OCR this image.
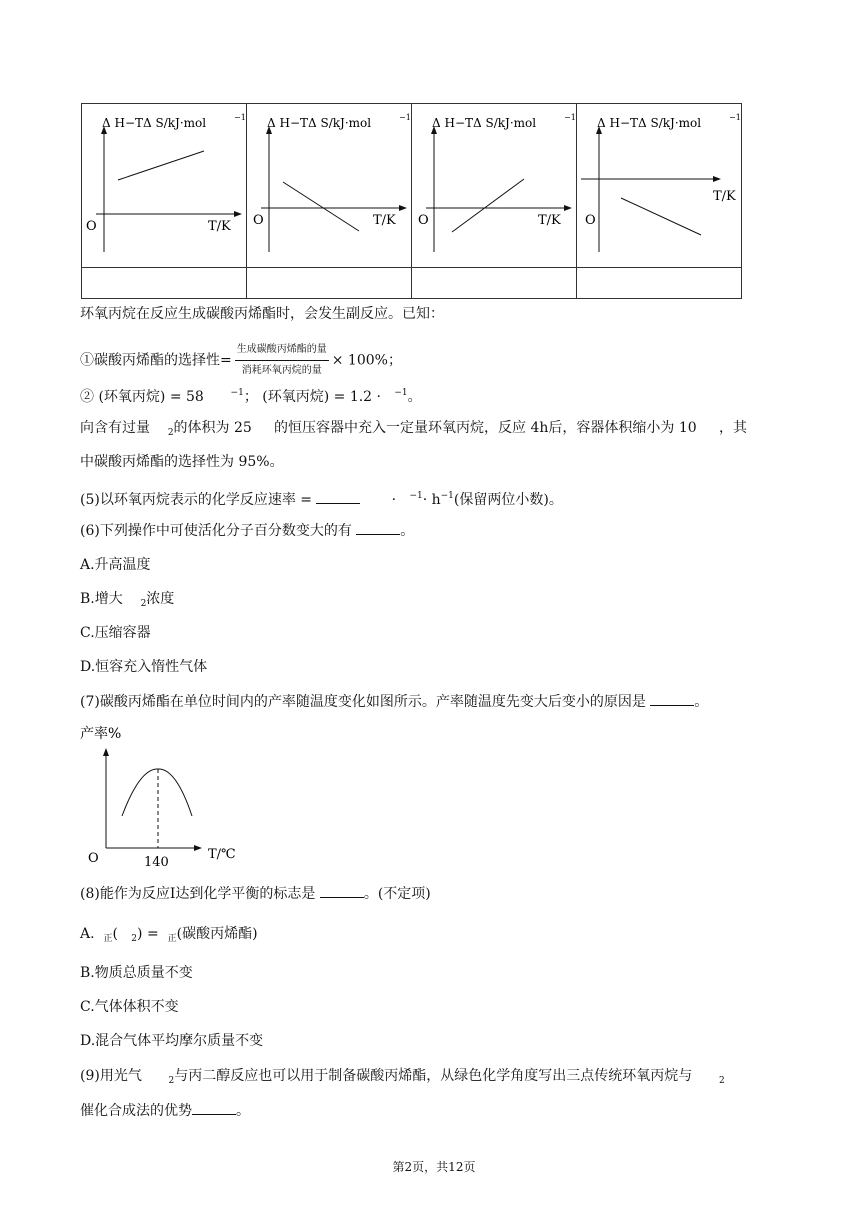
Δ H−TΔ S/kJ·mol −1
O T/K	Δ H−TΔ S/kJ·mol −1
O T/K	Δ H−TΔ S/kJ·mol −1
O T/K	Δ H−TΔ S/kJ·mol −1
O
T/K

环氧丙烷在反应生成碳酸丙烯酯时，会发生副反应。已知：
①碳酸丙烯酯的选择性= $\frac{\text{生成碳酸丙烯酯的量}}{\text{消耗环氧丙烷的量}} \times 100\%$；
② (环氧丙烷) = 58	$^{-1}$； (环氧丙烷) = 1.2 · $^{-1}$。
向含有过量 $_2$的体积为 25     的恒压容器中充入一定量环氧丙烷，反应 4h后，容器体积缩小为 10     ，其
中碳酸丙烯酯的选择性为 95%。
(5)以环氧丙烷表示的化学反应速率 =	· $^{-1}\cdot h^{-1}$(保留两位小数)。
(6)下列操作中可使活化分子百分数变大的有	。
A.升高温度
B.增大 $_2$浓度
C.压缩容器
D.恒容充入惰性气体
(7)碳酸丙烯酯在单位时间内的产率随温度变化如图所示。产率随温度先变大后变小的原因是	。
产率%
O	140
T/℃
(8)能作为反应I达到化学平衡的标志是	。(不定项)
A. $_正$(   $_2$) = $_正$(碳酸丙烯酯)
B.物质总质量不变
C.气体体积不变
D.混合气体平均摩尔质量不变
(9)用光气	$_2$与丙二醇反应也可以用于制备碳酸丙烯酯，从绿色化学角度写出三点传统环氧丙烷与	$_2$
催化合成法的优势	。
第2页，共12页
